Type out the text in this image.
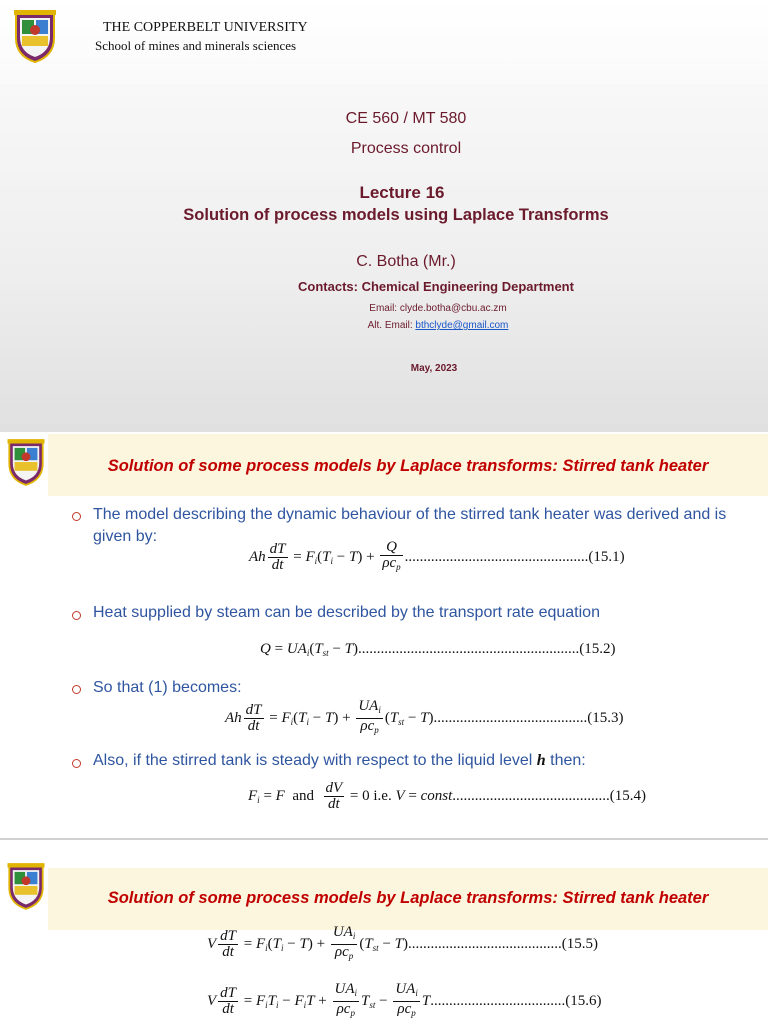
THE COPPERBELT UNIVERSITY
School of mines and minerals sciences
CE 560 / MT 580
Process control
Lecture 16
Solution of process models using Laplace Transforms
C. Botha (Mr.)
Contacts: Chemical Engineering Department
Email: clyde.botha@cbu.ac.zm
Alt. Email: bthclyde@gmail.com
May, 2023
Solution of some process models by Laplace transforms: Stirred tank heater
The model describing the dynamic behaviour of the stirred tank heater was derived and is given by:
Ah $\frac{dT}{dt} = F_i(T_i - T) + \frac{Q}{\rho c_p} .................................................(15.1)$
Heat supplied by steam can be described by the transport rate equation
$Q = UA_i(T_{st} - T)...........................................................(15.2)$
So that (1) becomes:
Ah $\frac{dT}{dt} = F_i(T_i - T) + \frac{UA_i}{\rho c_p} (T_{st} - T).........................................(15.3)$
Also, if the stirred tank is steady with respect to the liquid level h then:
$F_i = F$ and $\frac{dV}{dt} = 0$ i.e. V = const..........................................(15.4)
Solution of some process models by Laplace transforms: Stirred tank heater
V $\frac{dT}{dt} = F_i(T_i - T) + \frac{UA_i}{\rho c_p} (T_{st} - T).........................................(15.5)$
V $\frac{dT}{dt} = F_iT_i - F_iT + \frac{UA_i}{\rho c_p} T_{st} - \frac{UA_i}{\rho c_p} T....................................(15.6)$
